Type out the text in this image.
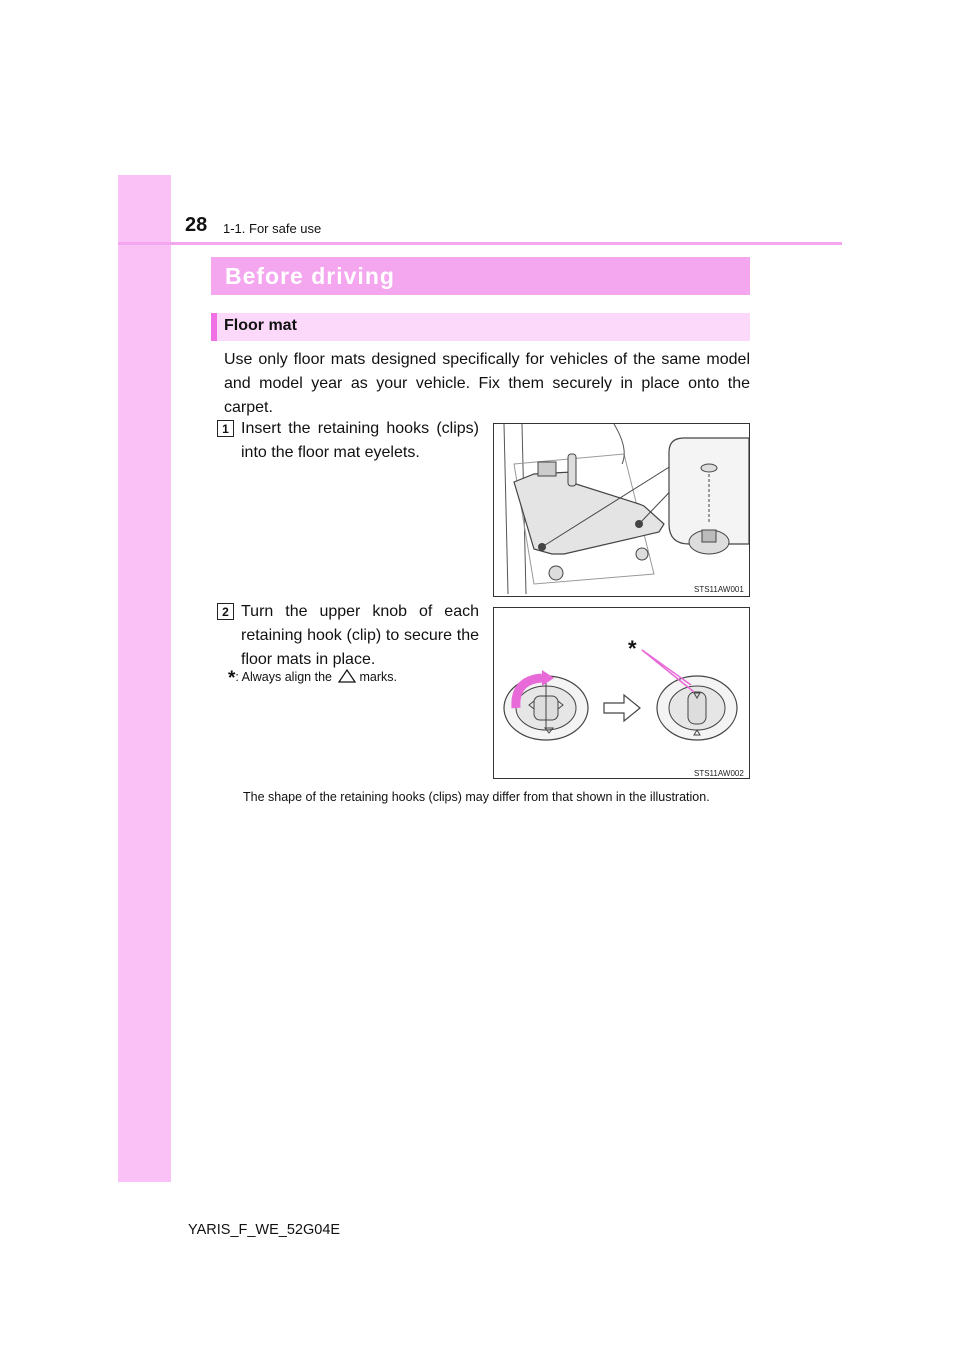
28 1-1. For safe use
Before driving
Floor mat
Use only floor mats designed specifically for vehicles of the same model and model year as your vehicle. Fix them securely in place onto the carpet.
1 Insert the retaining hooks (clips) into the floor mat eyelets.
STS11AW001
2 Turn the upper knob of each retaining hook (clip) to secure the floor mats in place.
*: Always align the marks.
*
STS11AW002
The shape of the retaining hooks (clips) may differ from that shown in the illustration.
YARIS_F_WE_52G04E
